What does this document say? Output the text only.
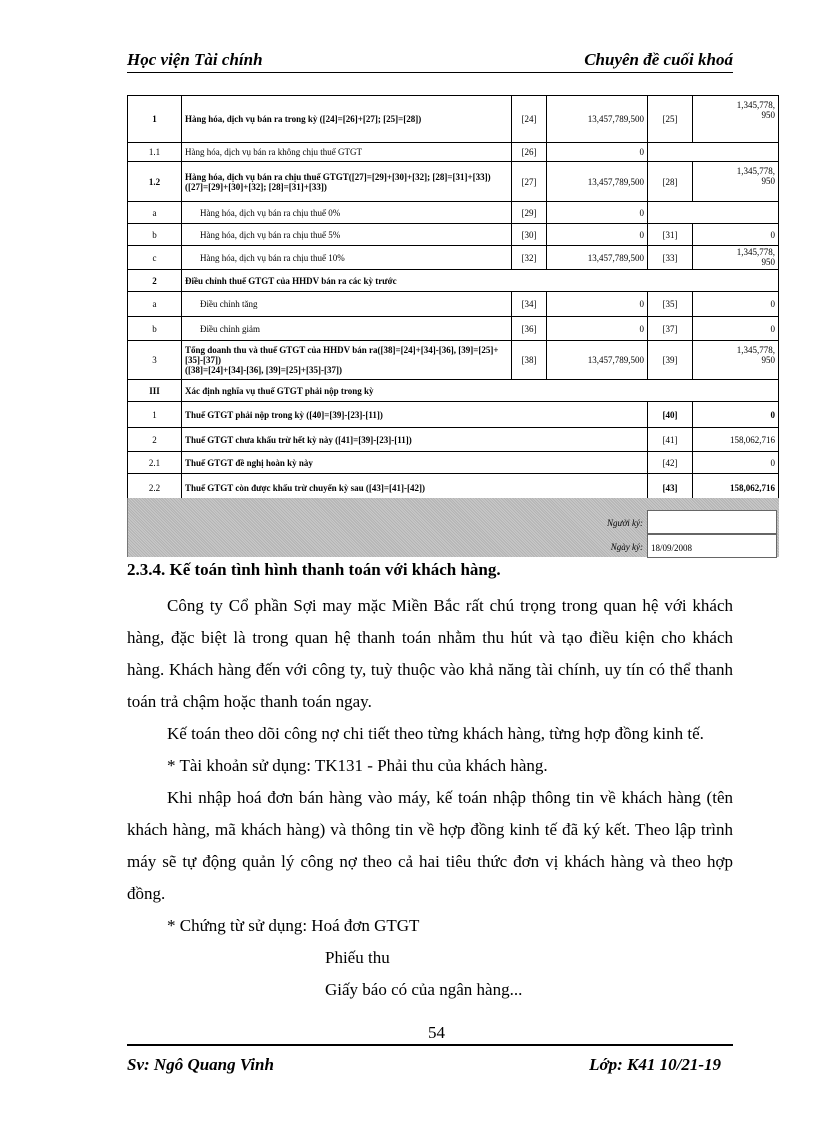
Học viện Tài chính	Chuyên đề cuối khoá
1	Hàng hóa, dịch vụ bán ra trong kỳ ([24]=[26]+[27]; [25]=[28])	[24]	13,457,789,500	[25]	1,345,778,
950
1.1	Hàng hóa, dịch vụ bán ra không chịu thuế GTGT	[26]	0		
1.2	Hàng hóa, dịch vụ bán ra chịu thuế GTGT([27]=[29]+[30]+[32]; [28]=[31]+[33])
([27]=[29]+[30]+[32]; [28]=[31]+[33])	[27]	13,457,789,500	[28]	1,345,778,
950
a	Hàng hóa, dịch vụ bán ra chịu thuế 0%	[29]	0		
b	Hàng hóa, dịch vụ bán ra chịu thuế 5%	[30]	0	[31]	0
c	Hàng hóa, dịch vụ bán ra chịu thuế 10%	[32]	13,457,789,500	[33]	1,345,778,
950
2	Điều chỉnh thuế GTGT của HHDV bán ra các kỳ trước				
a	Điều chỉnh tăng	[34]	0	[35]	0
b	Điều chỉnh giảm	[36]	0	[37]	0
3	Tổng doanh thu và thuế GTGT của HHDV bán ra([38]=[24]+[34]-[36], [39]=[25]+[35]-[37])
([38]=[24]+[34]-[36], [39]=[25]+[35]-[37])	[38]	13,457,789,500	[39]	1,345,778,
950
III	Xác định nghĩa vụ thuế GTGT phải nộp trong kỳ				
1	Thuế GTGT phải nộp trong kỳ ([40]=[39]-[23]-[11])			[40]	0
2	Thuế GTGT chưa khấu trừ hết kỳ này ([41]=[39]-[23]-[11])			[41]	158,062,716
2.1	Thuế GTGT đề nghị hoàn kỳ này			[42]	0
2.2	Thuế GTGT còn được khấu trừ chuyển kỳ sau ([43]=[41]-[42])			[43]	158,062,716
Người ký:
Ngày ký: 18/09/2008
2.3.4. Kế toán tình hình thanh toán với khách hàng.

Công ty Cổ phần Sợi may mặc Miền Bắc rất chú trọng trong quan hệ với khách hàng, đặc biệt là trong quan hệ thanh toán nhằm thu hút và tạo điều kiện cho khách hàng. Khách hàng đến với công ty, tuỳ thuộc vào khả năng tài chính, uy tín có thể thanh toán trả chậm hoặc thanh toán ngay.

Kế toán theo dõi công nợ chi tiết theo từng khách hàng, từng hợp đồng kinh tế.

* Tài khoản sử dụng: TK131 - Phải thu của khách hàng.

Khi nhập hoá đơn bán hàng vào máy, kế toán nhập thông tin về khách hàng (tên khách hàng, mã khách hàng) và thông tin về hợp đồng kinh tế đã ký kết. Theo lập trình máy sẽ tự động quản lý công nợ theo cả hai tiêu thức đơn vị khách hàng và theo hợp đồng.

* Chứng từ sử dụng: Hoá đơn GTGT

Phiếu thu

Giấy báo có của ngân hàng...

54
Sv: Ngô Quang Vinh	Lớp: K41 10/21-19
